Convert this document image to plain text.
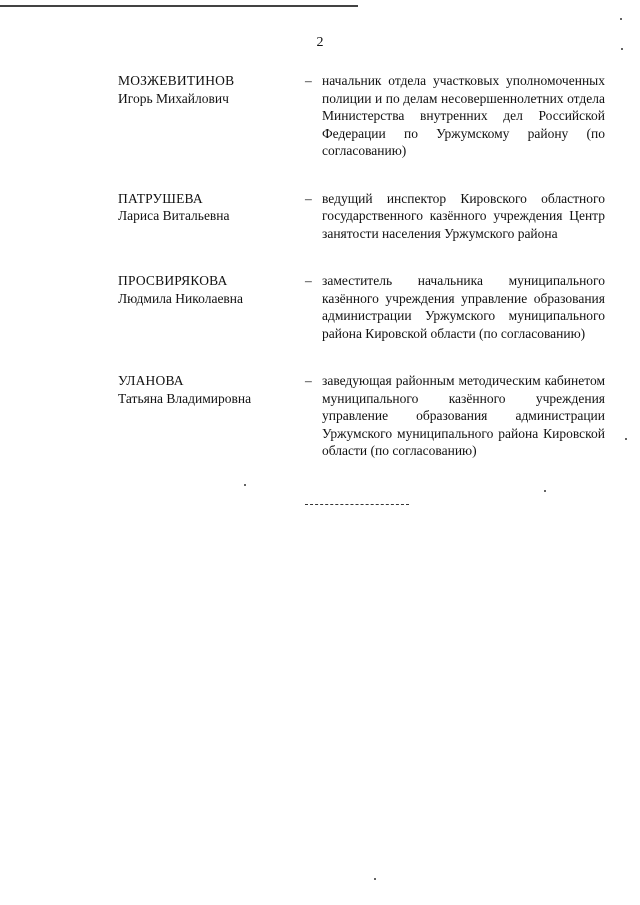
2
МОЗЖЕВИТИНОВ
Игорь Михайлович
– начальник отдела участковых уполномоченных полиции и по делам несовершеннолетних отдела Министерства внутренних дел Российской Федерации по Уржумскому району (по согласованию)
ПАТРУШЕВА
Лариса Витальевна
– ведущий инспектор Кировского областного государственного казённого учреждения Центр занятости населения Уржумского района
ПРОСВИРЯКОВА
Людмила Николаевна
– заместитель начальника муниципального казённого учреждения управление образования администрации Уржумского муниципального района Кировской области (по согласованию)
УЛАНОВА
Татьяна Владимировна
– заведующая районным методическим кабинетом муниципального казённого учреждения управление образования администрации Уржумского муниципального района Кировской области (по согласованию)
